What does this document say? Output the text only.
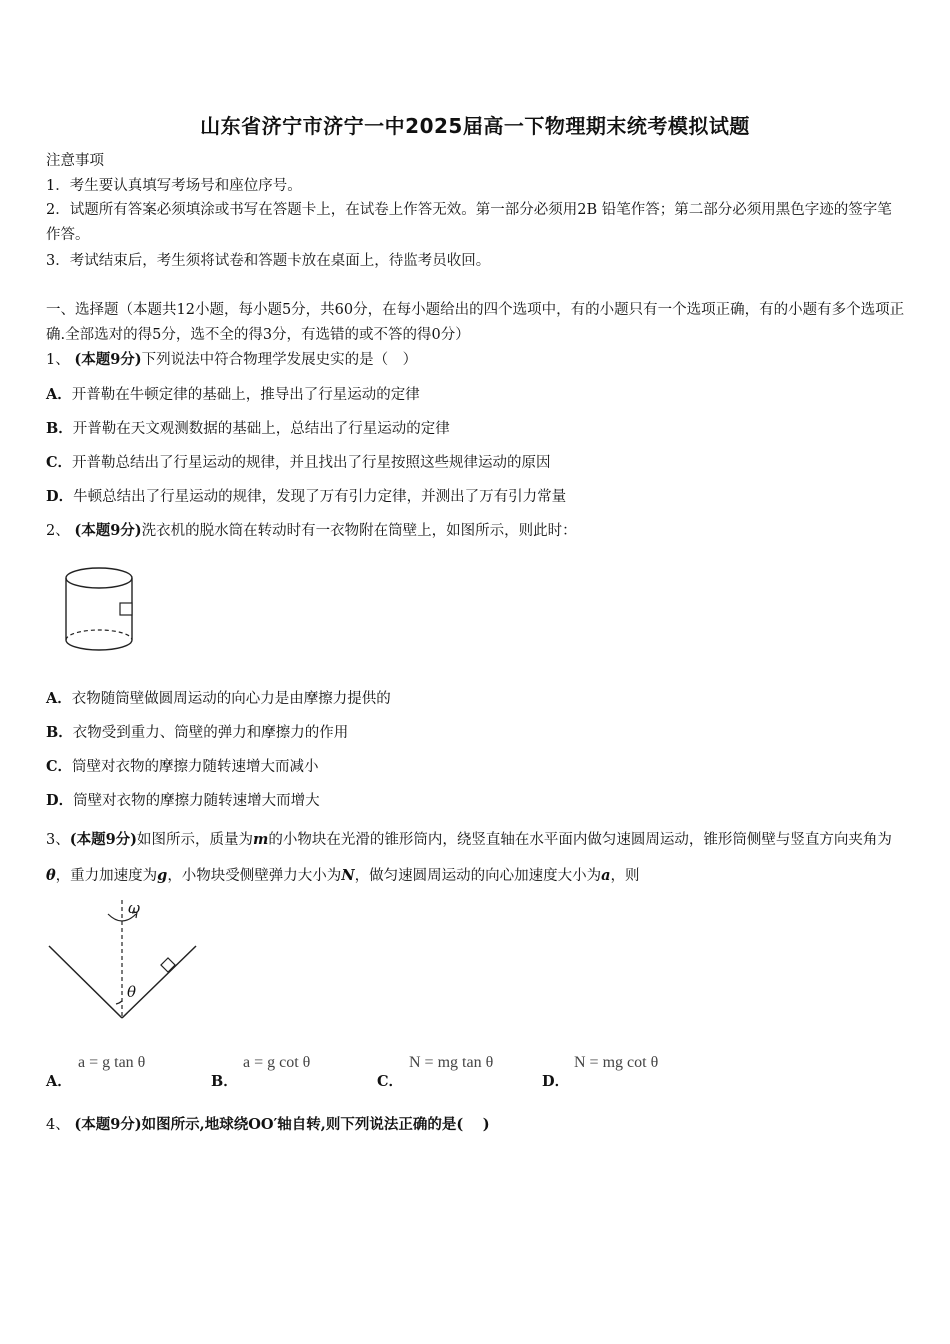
山东省济宁市济宁一中2025届高一下物理期末统考模拟试题
注意事项
1．考生要认真填写考场号和座位序号。
2．试题所有答案必须填涂或书写在答题卡上，在试卷上作答无效。第一部分必须用2B 铅笔作答；第二部分必须用黑色字迹的签字笔作答。
3．考试结束后，考生须将试卷和答题卡放在桌面上，待监考员收回。
一、选择题（本题共12小题，每小题5分，共60分，在每小题给出的四个选项中，有的小题只有一个选项正确，有的小题有多个选项正确.全部选对的得5分，选不全的得3分，有选错的或不答的得0分）
1、 (本题9分)下列说法中符合物理学发展史实的是（　）
A．开普勒在牛顿定律的基础上，推导出了行星运动的定律
B．开普勒在天文观测数据的基础上，总结出了行星运动的定律
C．开普勒总结出了行星运动的规律，并且找出了行星按照这些规律运动的原因
D．牛顿总结出了行星运动的规律，发现了万有引力定律，并测出了万有引力常量
2、 (本题9分)洗衣机的脱水筒在转动时有一衣物附在筒壁上，如图所示，则此时：
A．衣物随筒壁做圆周运动的向心力是由摩擦力提供的
B．衣物受到重力、筒壁的弹力和摩擦力的作用
C．筒壁对衣物的摩擦力随转速增大而减小
D．筒壁对衣物的摩擦力随转速增大而增大
3、(本题9分)如图所示，质量为m的小物块在光滑的锥形筒内，绕竖直轴在水平面内做匀速圆周运动，锥形筒侧壁与竖直方向夹角为θ，重力加速度为g，小物块受侧壁弹力大小为N，做匀速圆周运动的向心加速度大小为a，则
ω
θ
A．
a = g tan θ
B．
a = g cot θ
C．
N = mg tan θ
D．
N = mg cot θ
4、 (本题9分)如图所示,地球绕OO′轴自转,则下列说法正确的是(　 )
